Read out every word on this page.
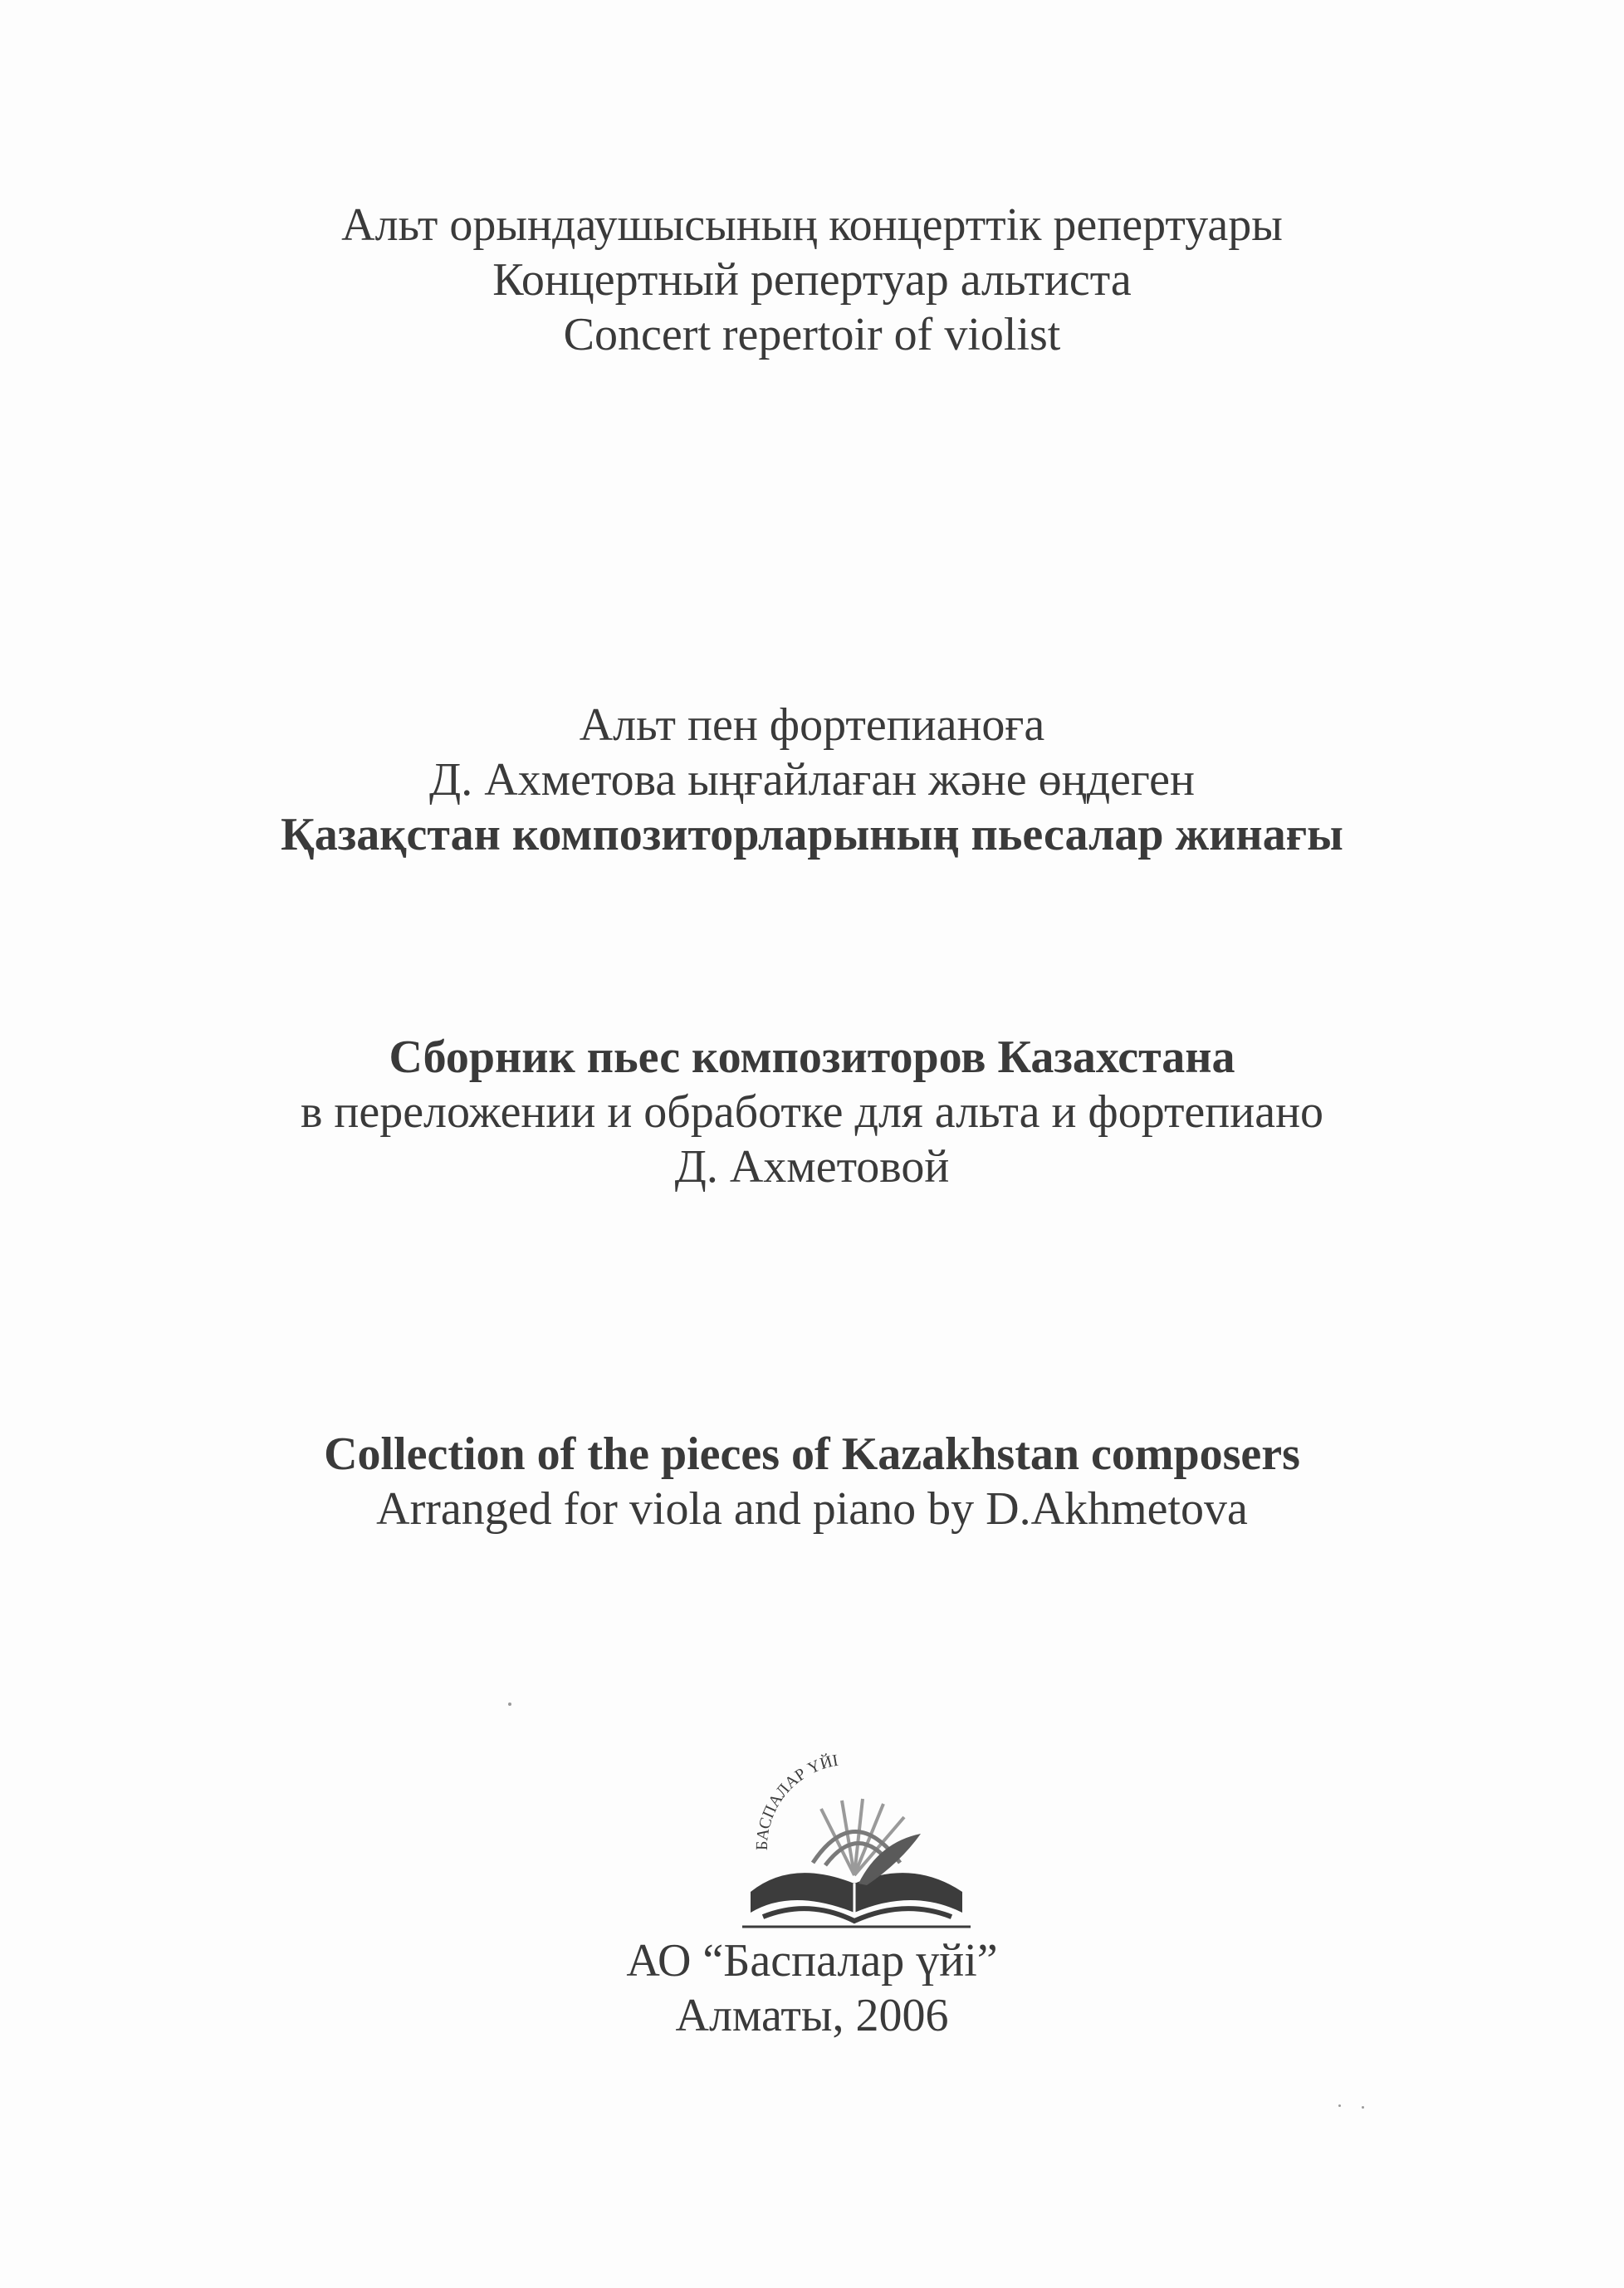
Альт орындаушысының концерттік репертуары
Концертный репертуар альтиста
Concert repertoir of violist
Альт пен фортепианоға
Д. Ахметова ыңғайлаған және өңдеген
Қазақстан композиторларының пьесалар жинағы
Сборник пьес композиторов Казахстана
в переложении и обработке для альта и фортепиано
Д. Ахметовой
Collection of the pieces of Kazakhstan composers
Arranged for viola and piano by D.Akhmetova
БАСПАЛАР ҮЙІ
АО “Баспалар үйі”
Алматы, 2006
